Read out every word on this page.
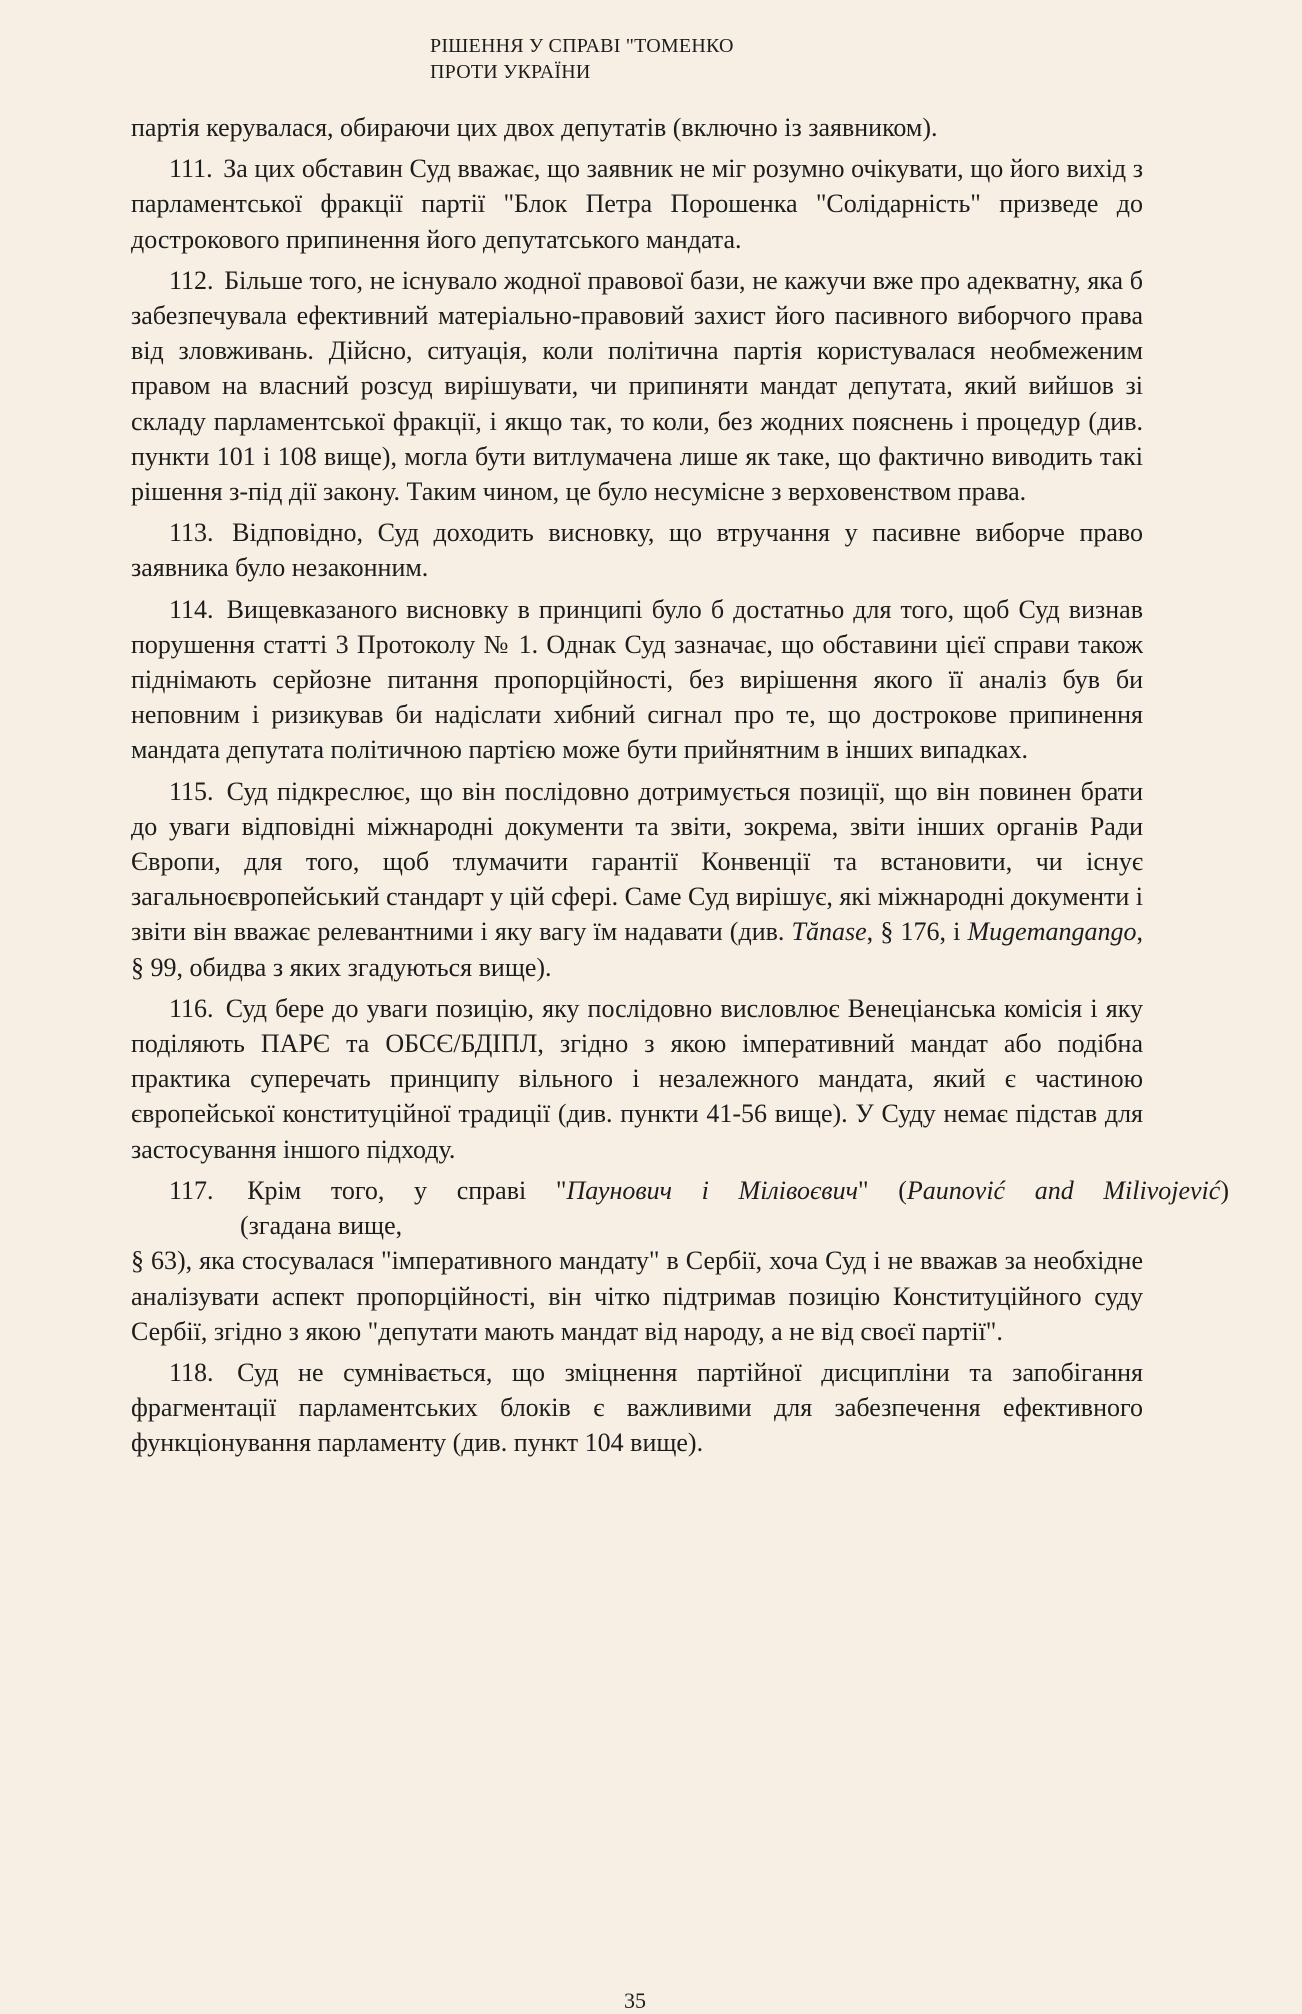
РІШЕННЯ У СПРАВІ "ТОМЕНКО
ПРОТИ УКРАЇНИ

партія керувалася, обираючи цих двох депутатів (включно із заявником).

111. За цих обставин Суд вважає, що заявник не міг розумно очікувати, що його вихід з парламентської фракції партії "Блок Петра Порошенка "Солідарність" призведе до дострокового припинення його депутатського мандата.

112. Більше того, не існувало жодної правової бази, не кажучи вже про адекватну, яка б забезпечувала ефективний матеріально-правовий захист його пасивного виборчого права від зловживань. Дійсно, ситуація, коли політична партія користувалася необмеженим правом на власний розсуд вирішувати, чи припиняти мандат депутата, який вийшов зі складу парламентської фракції, і якщо так, то коли, без жодних пояснень і процедур (див. пункти 101 і 108 вище), могла бути витлумачена лише як таке, що фактично виводить такі рішення з-під дії закону. Таким чином, це було несумісне з верховенством права.

113. Відповідно, Суд доходить висновку, що втручання у пасивне виборче право заявника було незаконним.

114. Вищевказаного висновку в принципі було б достатньо для того, щоб Суд визнав порушення статті 3 Протоколу № 1. Однак Суд зазначає, що обставини цієї справи також піднімають серйозне питання пропорційності, без вирішення якого її аналіз був би неповним і ризикував би надіслати хибний сигнал про те, що дострокове припинення мандата депутата політичною партією може бути прийнятним в інших випадках.

115. Суд підкреслює, що він послідовно дотримується позиції, що він повинен брати до уваги відповідні міжнародні документи та звіти, зокрема, звіти інших органів Ради Європи, для того, щоб тлумачити гарантії Конвенції та встановити, чи існує загальноєвропейський стандарт у цій сфері. Саме Суд вирішує, які міжнародні документи і звіти він вважає релевантними і яку вагу їм надавати (див. Tănase, § 176, і Mugemangango, § 99, обидва з яких згадуються вище).

116. Суд бере до уваги позицію, яку послідовно висловлює Венеціанська комісія і яку поділяють ПАРЄ та ОБСЄ/БДІПЛ, згідно з якою імперативний мандат або подібна практика суперечать принципу вільного і незалежного мандата, який є частиною європейської конституційної традиції (див. пункти 41-56 вище). У Суду немає підстав для застосування іншого підходу.

117. Крім того, у справі "Паунович і Мілівоєвич" (Paunović and Milivojević)
(згадана вище,

§ 63), яка стосувалася "імперативного мандату" в Сербії, хоча Суд і не вважав за необхідне аналізувати аспект пропорційності, він чітко підтримав позицію Конституційного суду Сербії, згідно з якою "депутати мають мандат від народу, а не від своєї партії".

118. Суд не сумнівається, що зміцнення партійної дисципліни та запобігання фрагментації парламентських блоків є важливими для забезпечення ефективного функціонування парламенту (див. пункт 104 вище).

35
